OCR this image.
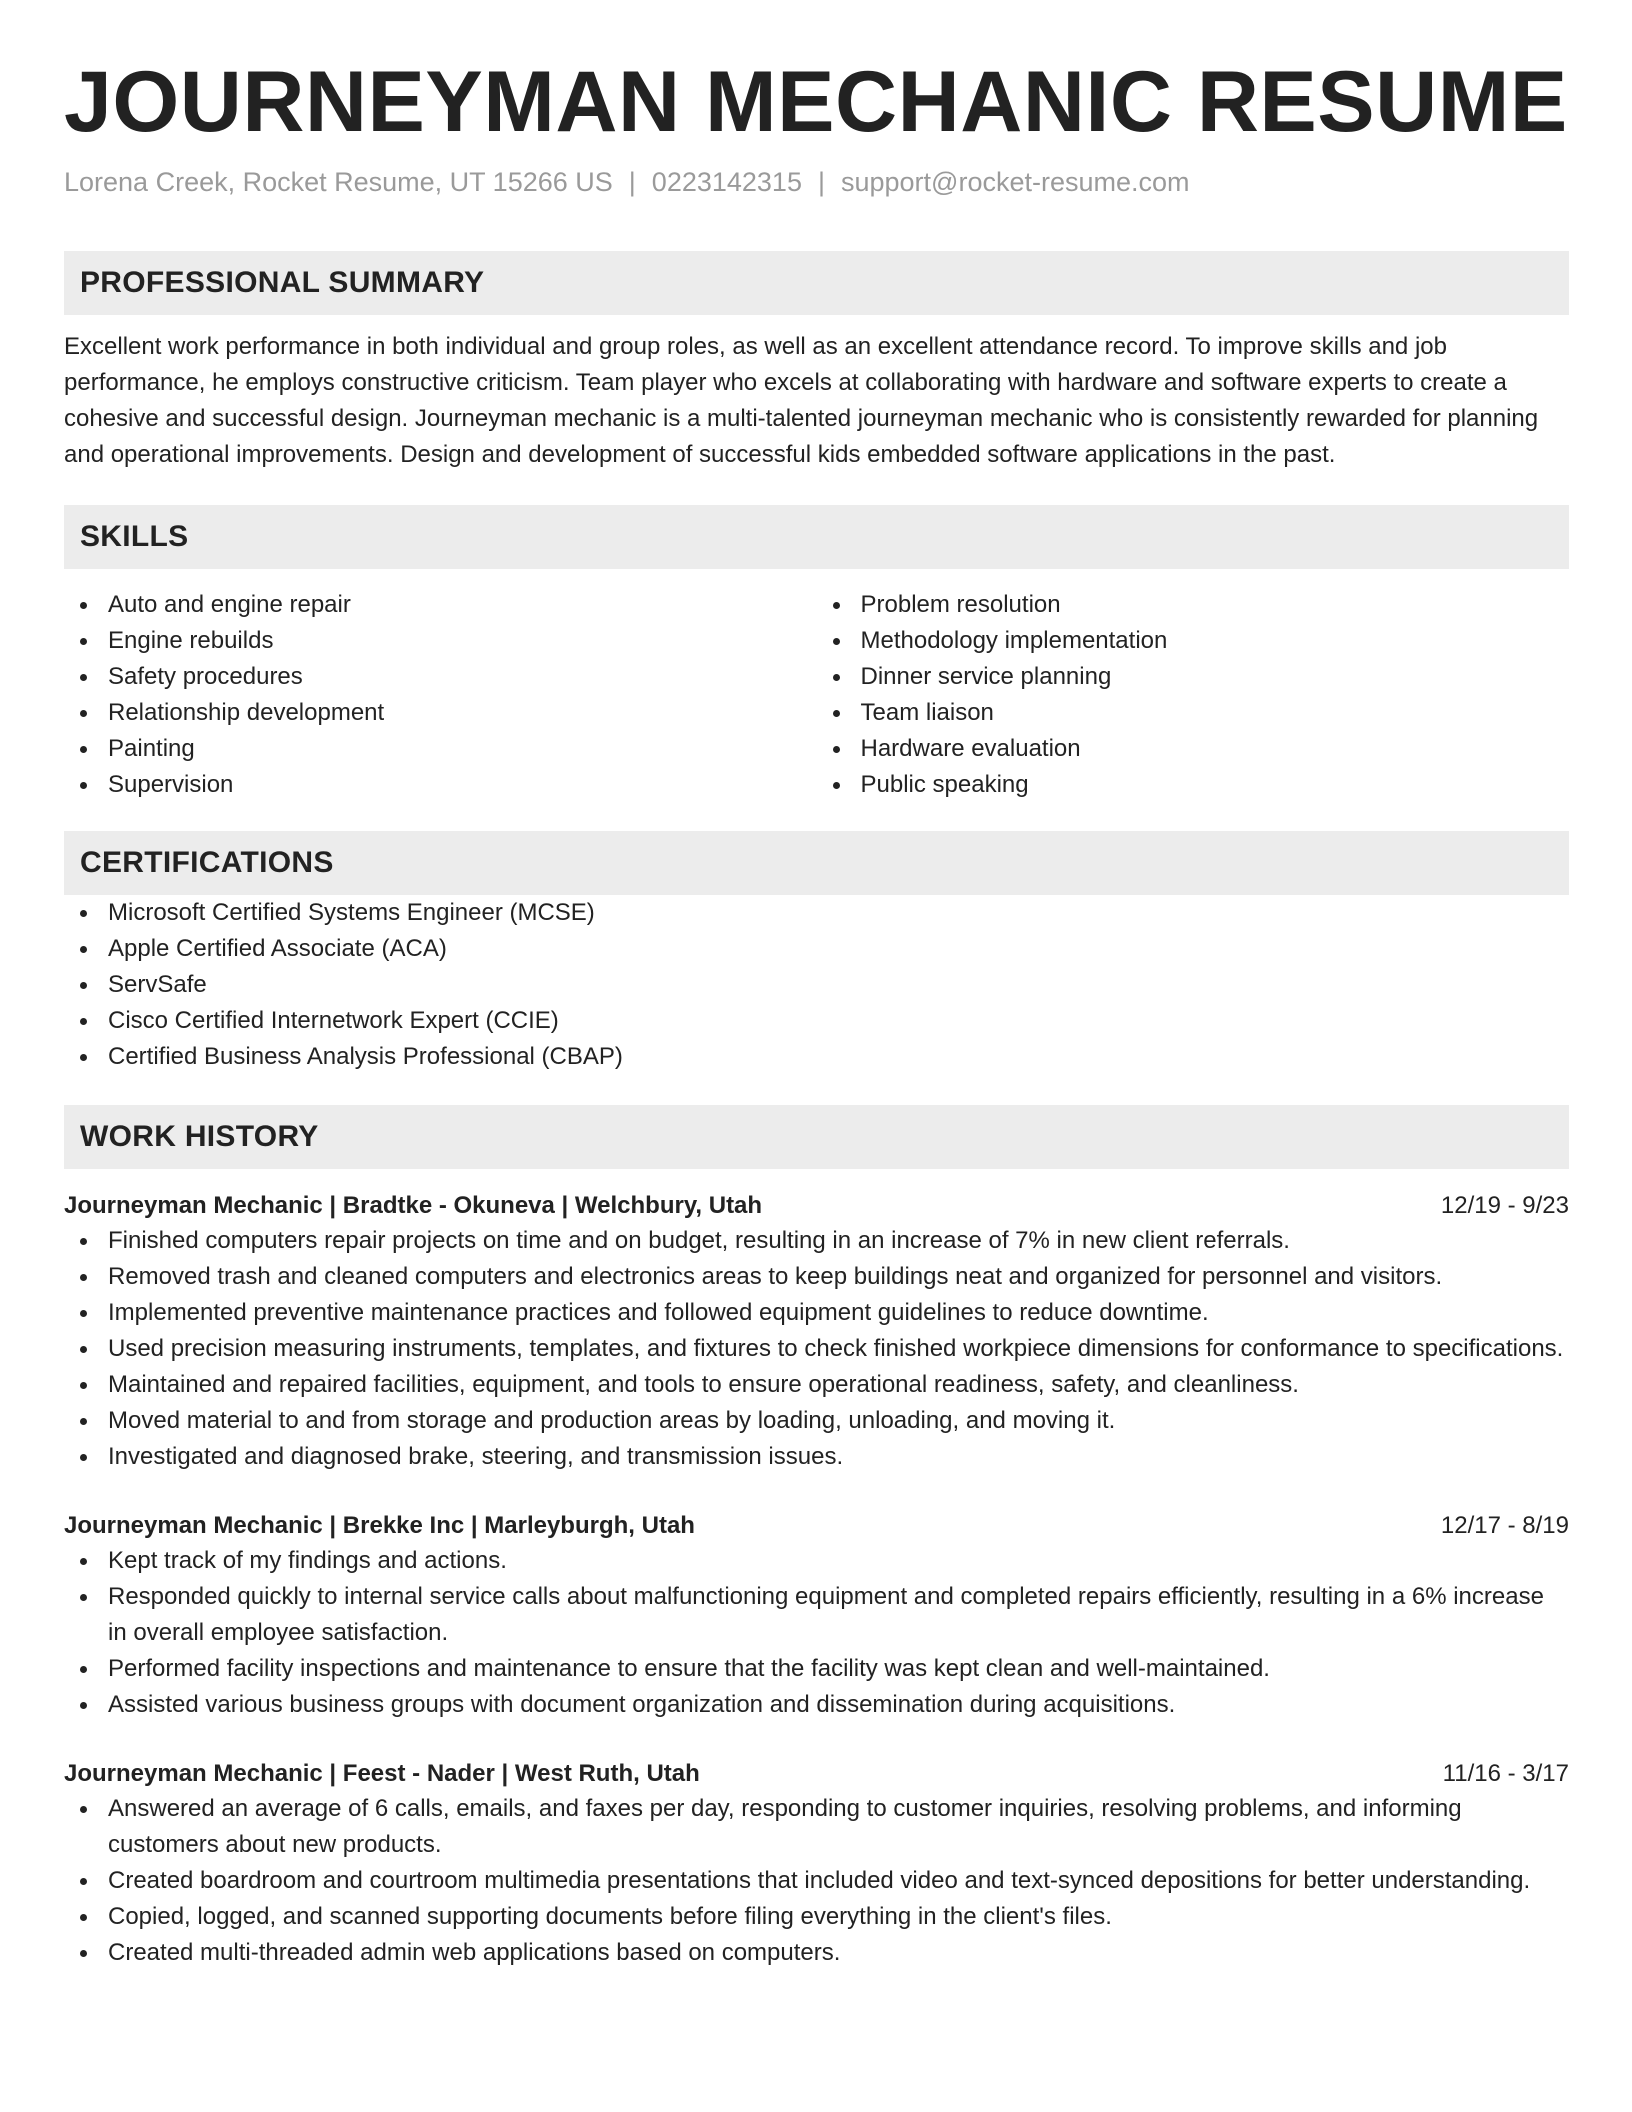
JOURNEYMAN MECHANIC RESUME
Lorena Creek, Rocket Resume, UT 15266 US | 0223142315 | support@rocket-resume.com
PROFESSIONAL SUMMARY

Excellent work performance in both individual and group roles, as well as an excellent attendance record. To improve skills and job performance, he employs constructive criticism. Team player who excels at collaborating with hardware and software experts to create a cohesive and successful design. Journeyman mechanic is a multi-talented journeyman mechanic who is consistently rewarded for planning and operational improvements. Design and development of successful kids embedded software applications in the past.

SKILLS
Auto and engine repair
Engine rebuilds
Safety procedures
Relationship development
Painting
Supervision
Problem resolution
Methodology implementation
Dinner service planning
Team liaison
Hardware evaluation
Public speaking
CERTIFICATIONS
Microsoft Certified Systems Engineer (MCSE)
Apple Certified Associate (ACA)
ServSafe
Cisco Certified Internetwork Expert (CCIE)
Certified Business Analysis Professional (CBAP)
WORK HISTORY
Journeyman Mechanic | Bradtke - Okuneva | Welchbury, Utah	12/19 - 9/23
Finished computers repair projects on time and on budget, resulting in an increase of 7% in new client referrals.
Removed trash and cleaned computers and electronics areas to keep buildings neat and organized for personnel and visitors.
Implemented preventive maintenance practices and followed equipment guidelines to reduce downtime.
Used precision measuring instruments, templates, and fixtures to check finished workpiece dimensions for conformance to specifications.
Maintained and repaired facilities, equipment, and tools to ensure operational readiness, safety, and cleanliness.
Moved material to and from storage and production areas by loading, unloading, and moving it.
Investigated and diagnosed brake, steering, and transmission issues.
Journeyman Mechanic | Brekke Inc | Marleyburgh, Utah	12/17 - 8/19
Kept track of my findings and actions.
Responded quickly to internal service calls about malfunctioning equipment and completed repairs efficiently, resulting in a 6% increase in overall employee satisfaction.
Performed facility inspections and maintenance to ensure that the facility was kept clean and well-maintained.
Assisted various business groups with document organization and dissemination during acquisitions.
Journeyman Mechanic | Feest - Nader | West Ruth, Utah	11/16 - 3/17
Answered an average of 6 calls, emails, and faxes per day, responding to customer inquiries, resolving problems, and informing customers about new products.
Created boardroom and courtroom multimedia presentations that included video and text-synced depositions for better understanding.
Copied, logged, and scanned supporting documents before filing everything in the client's files.
Created multi-threaded admin web applications based on computers.
